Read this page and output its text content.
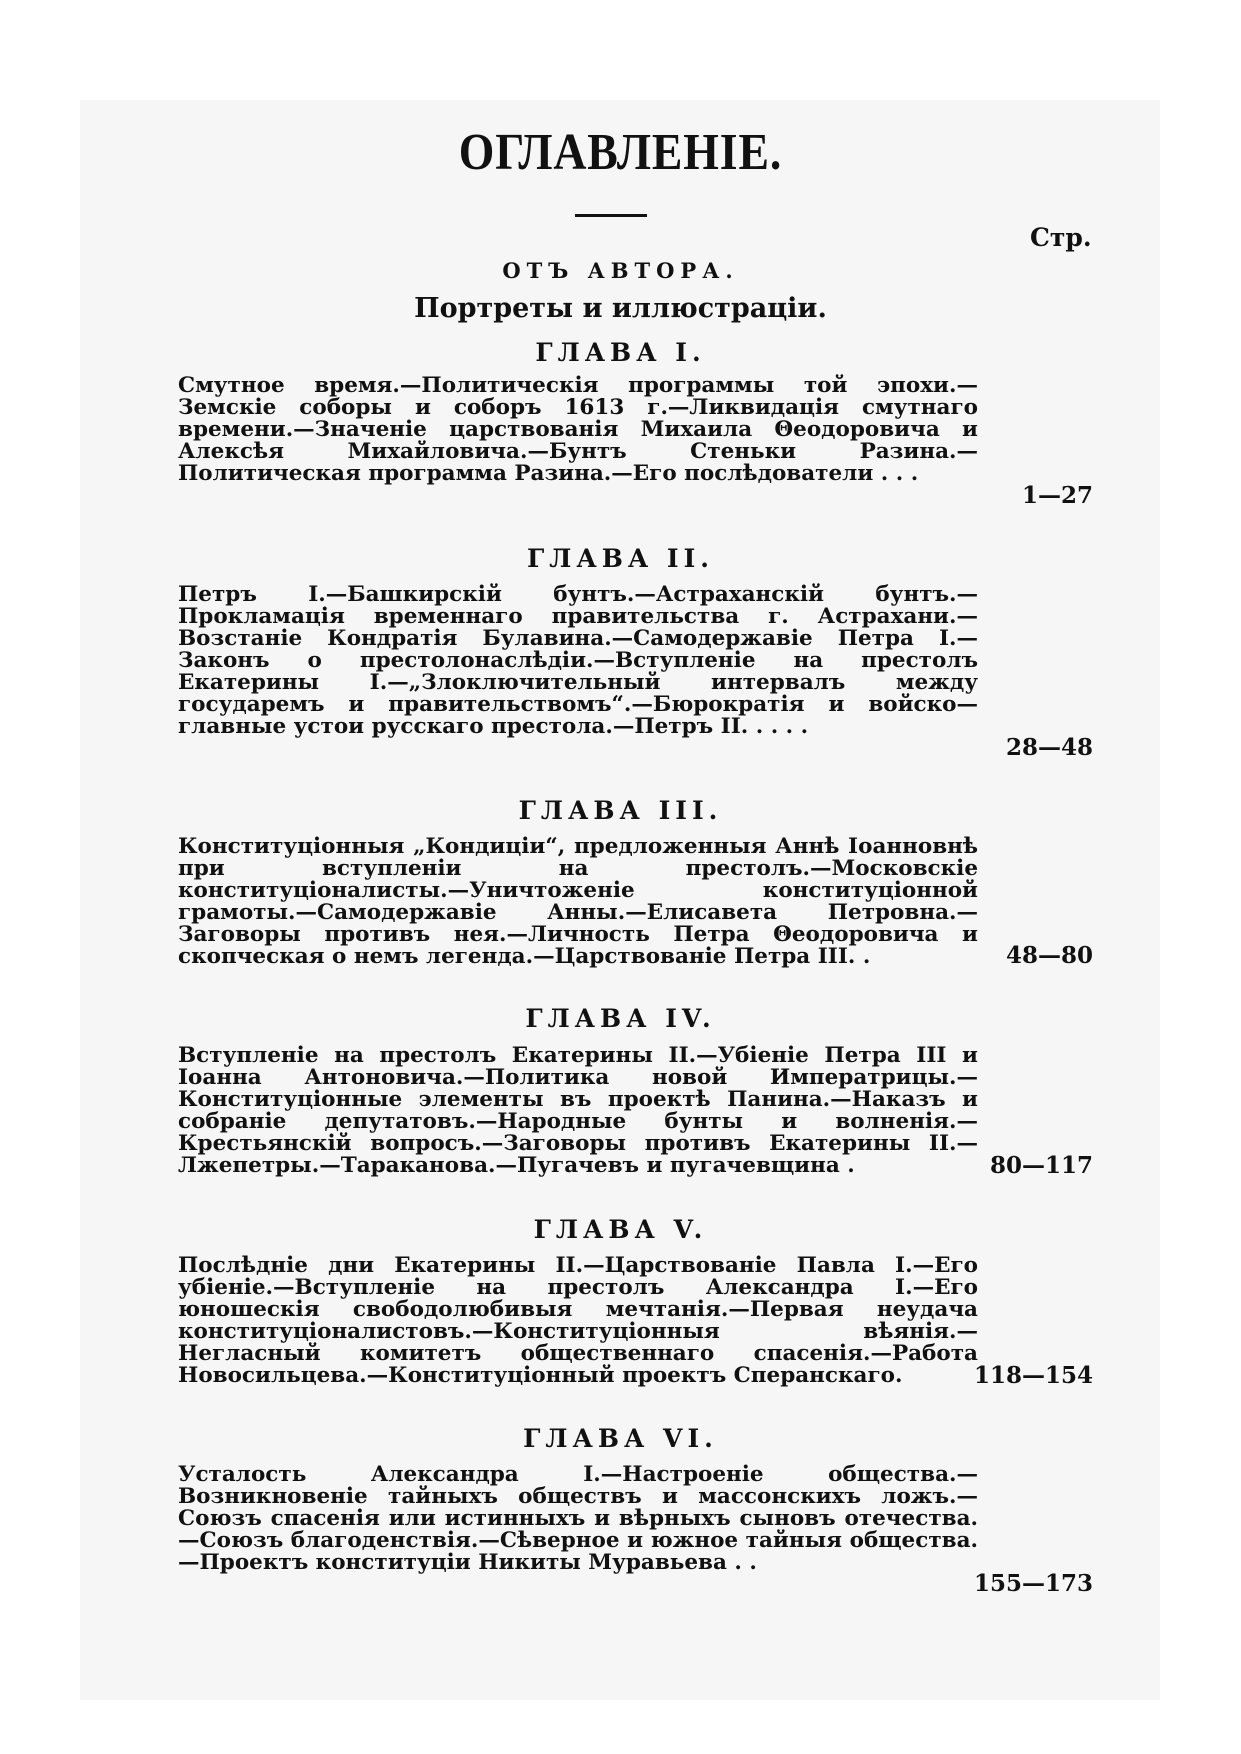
ОГЛАВЛЕНIE.
Стр.
ОТЪ АВТОРА.
Портреты и иллюстраціи.
ГЛАВА I.
Смутное время.—Политическія программы той эпохи.—Земскіе соборы и соборъ 1613 г.—Ликвидація смутнаго времени.—Значеніе царствованія Михаила Θеодоровича и Алексѣя Михайловича.—Бунтъ Стеньки Разина.—Политическая программа Разина.—Его послѣдователи . . .
1—27
ГЛАВА II.
Петръ I.—Башкирскій бунтъ.—Астраханскій бунтъ.—Прокламація временнаго правительства г. Астрахани.—Возстаніе Кондратія Булавина.—Самодержавіе Петра I.—Законъ о престолонаслѣдіи.—Вступленіе на престолъ Екатерины I.—„Злоключительный интервалъ между государемъ и правительствомъ“.—Бюрократія и войско—главные устои русскаго престола.—Петръ II. . . . .
28—48
ГЛАВА III.
Конституціонныя „Кондиціи“, предложенныя Аннѣ Іоанновнѣ при вступленіи на престолъ.—Московскіе конституціоналисты.—Уничтоженіе конституціонной грамоты.—Самодержавіе Анны.—Елисавета Петровна.—Заговоры противъ нея.—Личность Петра Θеодоровича и скопческая о немъ легенда.—Царствованіе Петра III. .	48—80
ГЛАВА IV.
Вступленіе на престолъ Екатерины II.—Убіеніе Петра III и Іоанна Антоновича.—Политика новой Императрицы.—Конституціонные элементы въ проектѣ Панина.—Наказъ и собраніе депутатовъ.—Народные бунты и волненія.—Крестьянскій вопросъ.—Заговоры противъ Екатерины II.—Лжепетры.—Тараканова.—Пугачевъ и пугачевщина .	80—117
ГЛАВА V.
Послѣдніе дни Екатерины II.—Царствованіе Павла I.—Его убіеніе.—Вступленіе на престолъ Александра I.—Его юношескія свободолюбивыя мечтанія.—Первая неудача конституціоналистовъ.—Конституціонныя вѣянія.—Негласный комитетъ общественнаго спасенія.—Работа Новосильцева.—Конституціонный проектъ Сперанскаго.	118—154
ГЛАВА VI.
Усталость Александра I.—Настроеніе общества.—Возникновеніе тайныхъ обществъ и массонскихъ ложъ.—Союзъ спасенія или истинныхъ и вѣрныхъ сыновъ отечества.—Союзъ благоденствія.—Сѣверное и южное тайныя общества.—Проектъ конституціи Никиты Муравьева . .
155—173
